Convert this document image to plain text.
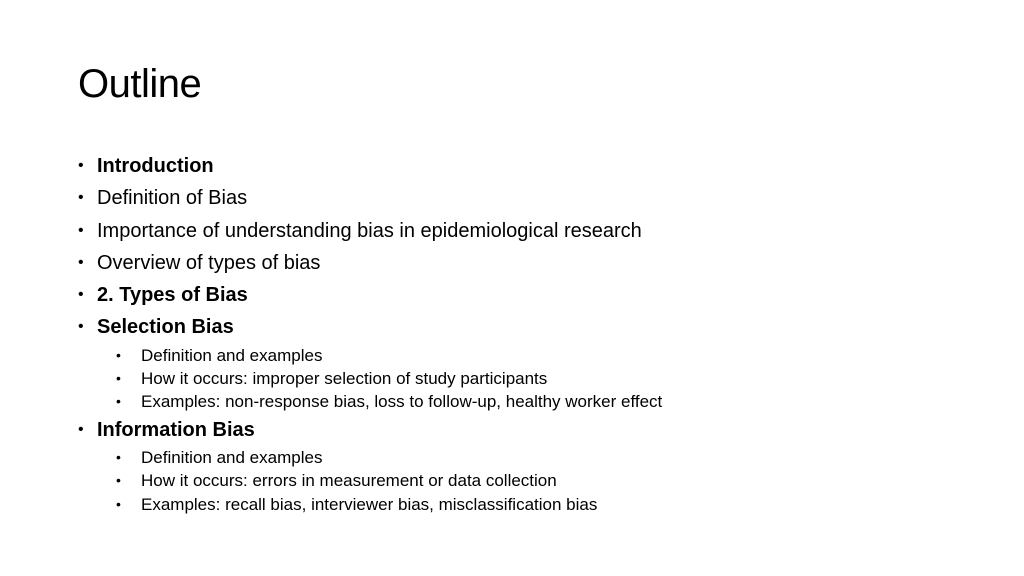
Outline
• Introduction
• Definition of Bias
• Importance of understanding bias in epidemiological research
• Overview of types of bias
• 2. Types of Bias
• Selection Bias
• Definition and examples
• How it occurs: improper selection of study participants
• Examples: non-response bias, loss to follow-up, healthy worker effect
• Information Bias
• Definition and examples
• How it occurs: errors in measurement or data collection
• Examples: recall bias, interviewer bias, misclassification bias
